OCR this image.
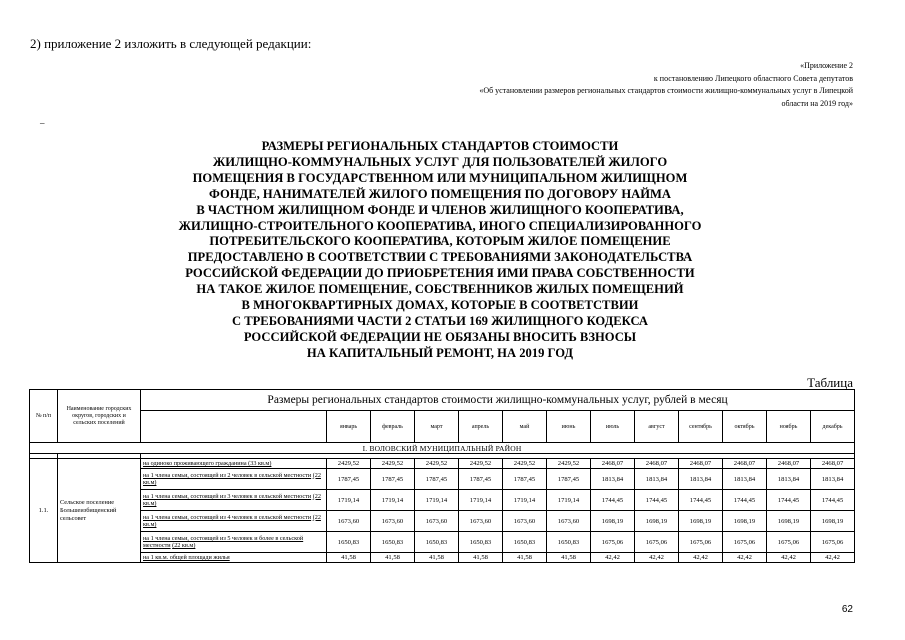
2) приложение 2 изложить в следующей редакции:

«Приложение 2
к постановлению Липецкого областного Совета депутатов
«Об установлении размеров региональных стандартов стоимости жилищно-коммунальных услуг в Липецкой
области на 2019 год»
–
РАЗМЕРЫ РЕГИОНАЛЬНЫХ СТАНДАРТОВ СТОИМОСТИ
ЖИЛИЩНО-КОММУНАЛЬНЫХ УСЛУГ ДЛЯ ПОЛЬЗОВАТЕЛЕЙ ЖИЛОГО
ПОМЕЩЕНИЯ В ГОСУДАРСТВЕННОМ ИЛИ МУНИЦИПАЛЬНОМ ЖИЛИЩНОМ
ФОНДЕ, НАНИМАТЕЛЕЙ ЖИЛОГО ПОМЕЩЕНИЯ ПО ДОГОВОРУ НАЙМА
В ЧАСТНОМ ЖИЛИЩНОМ ФОНДЕ И ЧЛЕНОВ ЖИЛИЩНОГО КООПЕРАТИВА,
ЖИЛИЩНО-СТРОИТЕЛЬНОГО КООПЕРАТИВА, ИНОГО СПЕЦИАЛИЗИРОВАННОГО
ПОТРЕБИТЕЛЬСКОГО КООПЕРАТИВА, КОТОРЫМ ЖИЛОЕ ПОМЕЩЕНИЕ
ПРЕДОСТАВЛЕНО В СООТВЕТСТВИИ С ТРЕБОВАНИЯМИ ЗАКОНОДАТЕЛЬСТВА
РОССИЙСКОЙ ФЕДЕРАЦИИ ДО ПРИОБРЕТЕНИЯ ИМИ ПРАВА СОБСТВЕННОСТИ
НА ТАКОЕ ЖИЛОЕ ПОМЕЩЕНИЕ, СОБСТВЕННИКОВ ЖИЛЫХ ПОМЕЩЕНИЙ
В МНОГОКВАРТИРНЫХ ДОМАХ, КОТОРЫЕ В СООТВЕТСТВИИ
С ТРЕБОВАНИЯМИ ЧАСТИ 2 СТАТЬИ 169 ЖИЛИЩНОГО КОДЕКСА
РОССИЙСКОЙ ФЕДЕРАЦИИ НЕ ОБЯЗАНЫ ВНОСИТЬ ВЗНОСЫ
НА КАПИТАЛЬНЫЙ РЕМОНТ, НА 2019 ГОД
Таблица
№ п/п	Наименование городских округов, городских и сельских поселений	Размеры региональных стандартов стоимости жилищно-коммунальных услуг, рублей в месяц												
			январь	февраль	март	апрель	май	июнь	июль	август	сентябрь	октябрь	ноябрь	декабрь
I. ВОЛОВСКИЙ МУНИЦИПАЛЬНЫЙ РАЙОН														

1.1.	Сельское поселение Большеизбищенский сельсовет	на одиноко проживающего гражданина (33 кв.м)	2429,52	2429,52	2429,52	2429,52	2429,52	2429,52	2468,07	2468,07	2468,07	2468,07	2468,07	2468,07
		на 1 члена семьи, состоящей из 2 человек в сельской местности (22 кв.м)	1787,45	1787,45	1787,45	1787,45	1787,45	1787,45	1813,84	1813,84	1813,84	1813,84	1813,84	1813,84
		на 1 члена семьи, состоящей из 3 человек в сельской местности (22 кв.м)	1719,14	1719,14	1719,14	1719,14	1719,14	1719,14	1744,45	1744,45	1744,45	1744,45	1744,45	1744,45
		на 1 члена семьи, состоящей из 4 человек в сельской местности (22 кв.м)	1673,60	1673,60	1673,60	1673,60	1673,60	1673,60	1698,19	1698,19	1698,19	1698,19	1698,19	1698,19
		на 1 члена семьи, состоящей из 5 человек и более в сельской местности (22 кв.м)	1650,83	1650,83	1650,83	1650,83	1650,83	1650,83	1675,06	1675,06	1675,06	1675,06	1675,06	1675,06
		на 1 кв.м. общей площади жилья	41,58	41,58	41,58	41,58	41,58	41,58	42,42	42,42	42,42	42,42	42,42	42,42
62
